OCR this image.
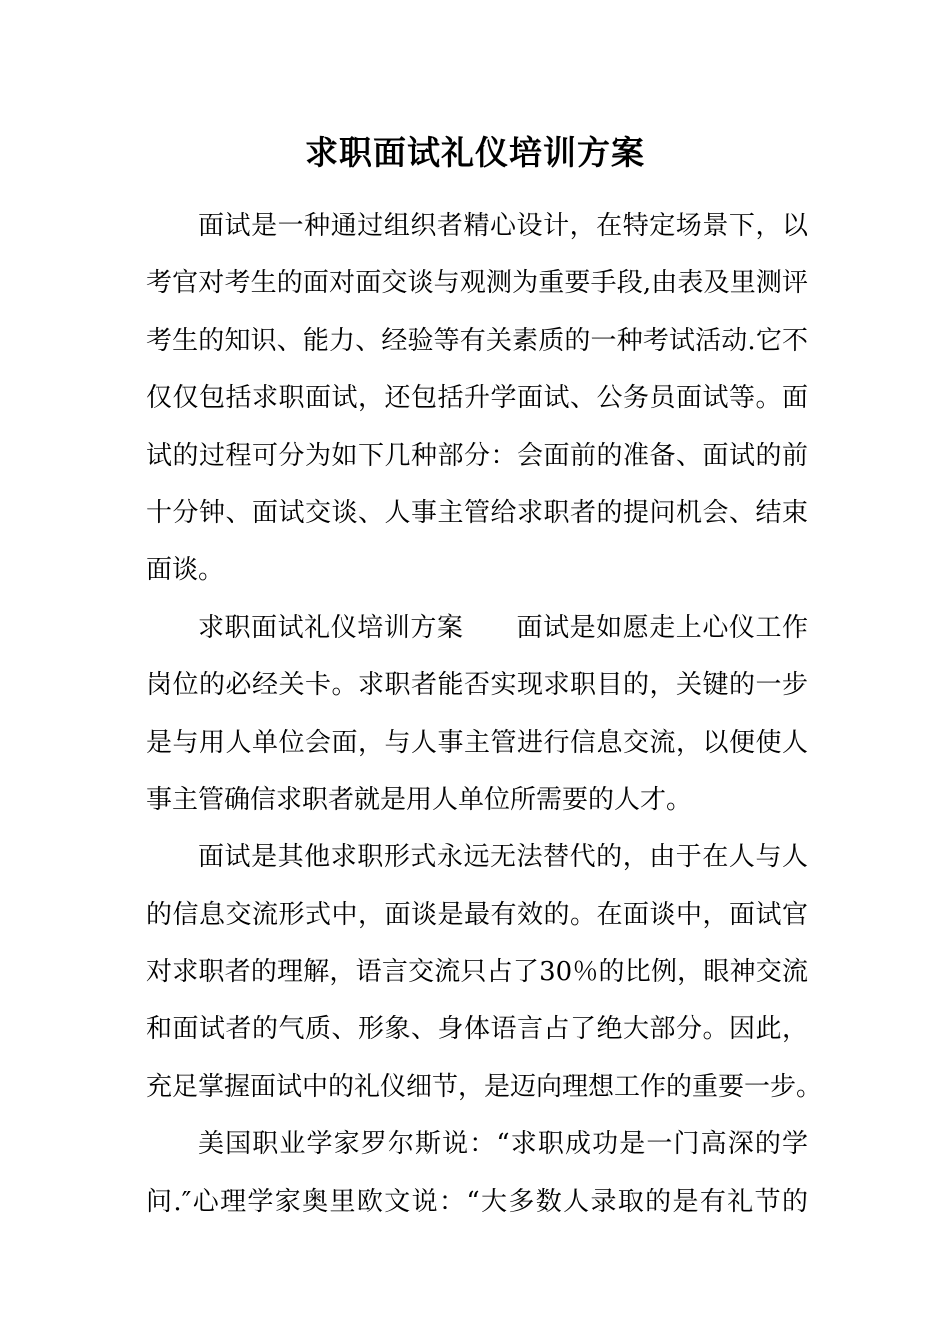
求职面试礼仪培训方案
面试是一种通过组织者精心设计，在特定场景下，以
考官对考生的面对面交谈与观测为重要手段,由表及里测评
考生的知识、能力、经验等有关素质的一种考试活动.它不
仅仅包括求职面试，还包括升学面试、公务员面试等。面
试的过程可分为如下几种部分：会面前的准备、面试的前
十分钟、面试交谈、人事主管给求职者的提问机会、结束
面谈。
求职面试礼仪培训方案　　面试是如愿走上心仪工作
岗位的必经关卡。求职者能否实现求职目的，关键的一步
是与用人单位会面，与人事主管进行信息交流，以便使人
事主管确信求职者就是用人单位所需要的人才。
面试是其他求职形式永远无法替代的，由于在人与人
的信息交流形式中，面谈是最有效的。在面谈中，面试官
对求职者的理解，语言交流只占了30％的比例，眼神交流
和面试者的气质、形象、身体语言占了绝大部分。因此，
充足掌握面试中的礼仪细节，是迈向理想工作的重要一步。
美国职业学家罗尔斯说：“求职成功是一门高深的学
问.″心理学家奥里欧文说：“大多数人录取的是有礼节的
